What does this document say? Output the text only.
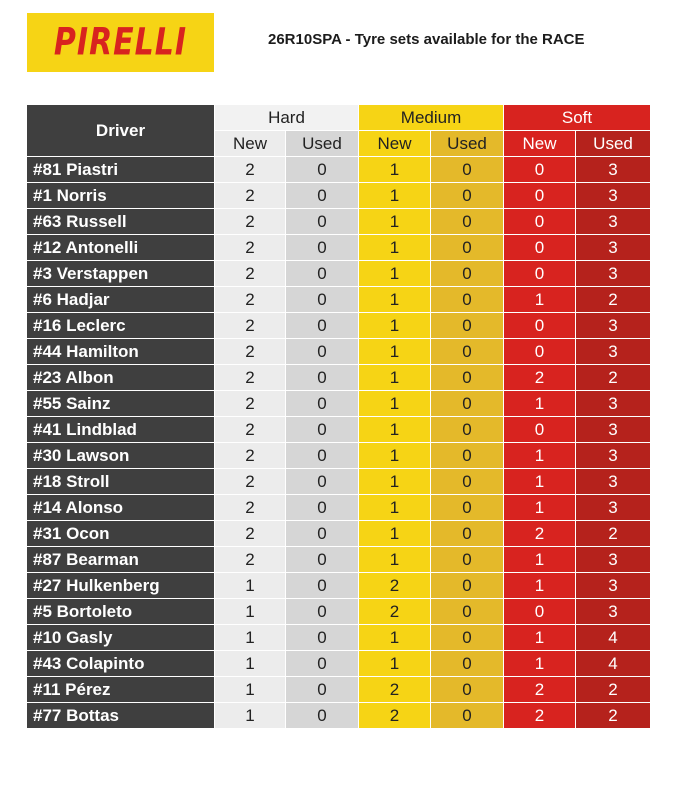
PIRELLI	26R10SPA - Tyre sets available for the RACE
Driver	Hard		Medium		Soft	
	New	Used	New	Used	New	Used
#81 Piastri	2	0	1	0	0	3
#1 Norris	2	0	1	0	0	3
#63 Russell	2	0	1	0	0	3
#12 Antonelli	2	0	1	0	0	3
#3 Verstappen	2	0	1	0	0	3
#6 Hadjar	2	0	1	0	1	2
#16 Leclerc	2	0	1	0	0	3
#44 Hamilton	2	0	1	0	0	3
#23 Albon	2	0	1	0	2	2
#55 Sainz	2	0	1	0	1	3
#41 Lindblad	2	0	1	0	0	3
#30 Lawson	2	0	1	0	1	3
#18 Stroll	2	0	1	0	1	3
#14 Alonso	2	0	1	0	1	3
#31 Ocon	2	0	1	0	2	2
#87 Bearman	2	0	1	0	1	3
#27 Hulkenberg	1	0	2	0	1	3
#5 Bortoleto	1	0	2	0	0	3
#10 Gasly	1	0	1	0	1	4
#43 Colapinto	1	0	1	0	1	4
#11 Pérez	1	0	2	0	2	2
#77 Bottas	1	0	2	0	2	2
